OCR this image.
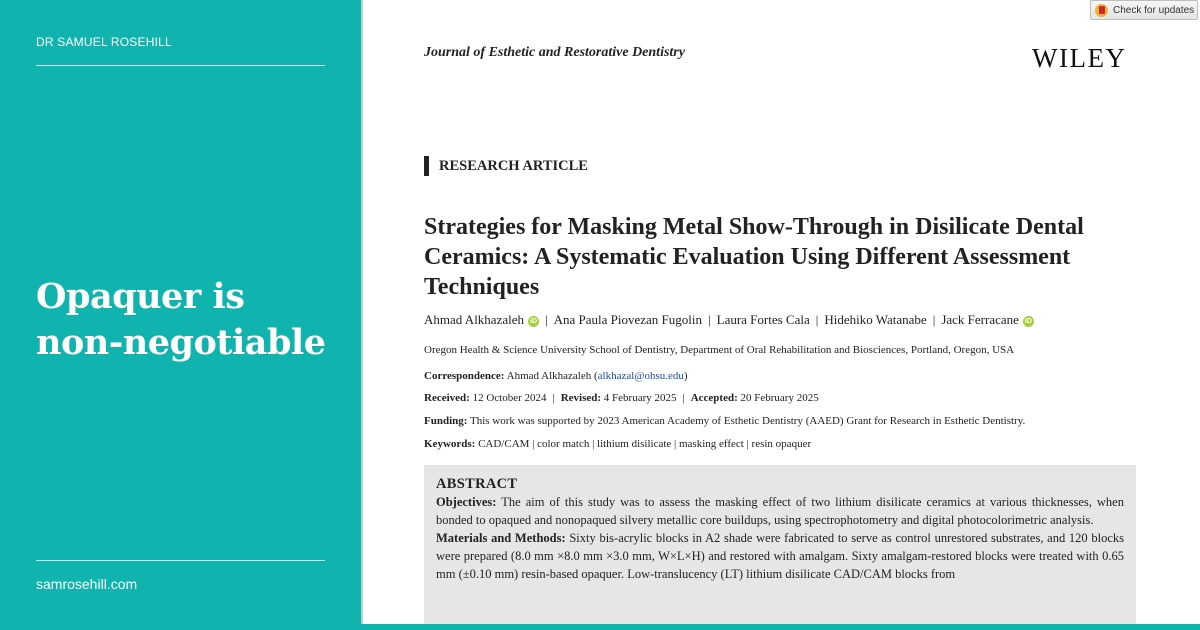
DR SAMUEL ROSEHILL
Opaquer is non-negotiable
samrosehill.com
Check for updates
Journal of Esthetic and Restorative Dentistry	WILEY
RESEARCH ARTICLE
Strategies for Masking Metal Show-Through in Disilicate Dental Ceramics: A Systematic Evaluation Using Different Assessment Techniques
Ahmad Alkhazaleh iD | Ana Paula Piovezan Fugolin | Laura Fortes Cala | Hidehiko Watanabe | Jack Ferracane iD
Oregon Health & Science University School of Dentistry, Department of Oral Rehabilitation and Biosciences, Portland, Oregon, USA
Correspondence: Ahmad Alkhazaleh (alkhazal@ohsu.edu)
Received: 12 October 2024 | Revised: 4 February 2025 | Accepted: 20 February 2025
Funding: This work was supported by 2023 American Academy of Esthetic Dentistry (AAED) Grant for Research in Esthetic Dentistry.
Keywords: CAD/CAM | color match | lithium disilicate | masking effect | resin opaquer
ABSTRACT

Objectives: The aim of this study was to assess the masking effect of two lithium disilicate ceramics at various thicknesses, when bonded to opaqued and nonopaqued silvery metallic core buildups, using spectrophotometry and digital photocolorimetric analysis.

Materials and Methods: Sixty bis-acrylic blocks in A2 shade were fabricated to serve as control unrestored substrates, and 120 blocks were prepared (8.0 mm ×8.0 mm ×3.0 mm, W×L×H) and restored with amalgam. Sixty amalgam-restored blocks were treated with 0.65 mm (±0.10 mm) resin-based opaquer. Low-translucency (LT) lithium disilicate CAD/CAM blocks from
